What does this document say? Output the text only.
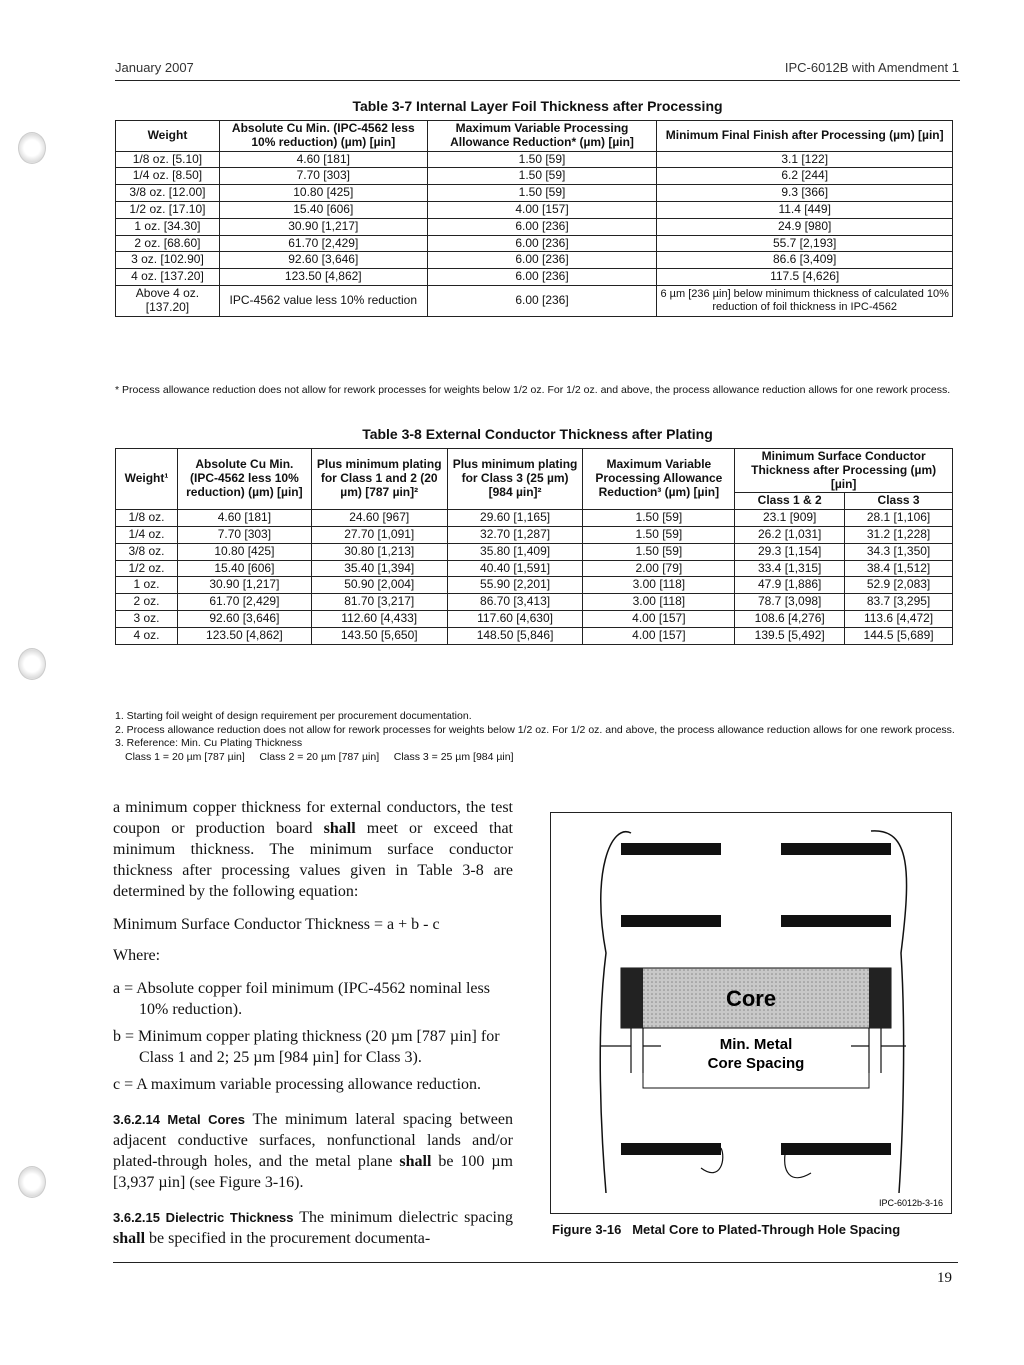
January 2007	IPC-6012B with Amendment 1
Table 3-7 Internal Layer Foil Thickness after Processing
Weight	Absolute Cu Min. (IPC-4562 less 10% reduction) (µm) [µin]	Maximum Variable Processing Allowance Reduction* (µm) [µin]	Minimum Final Finish after Processing (µm) [µin]
1/8 oz. [5.10]	4.60 [181]	1.50 [59]	3.1 [122]
1/4 oz. [8.50]	7.70 [303]	1.50 [59]	6.2 [244]
3/8 oz. [12.00]	10.80 [425]	1.50 [59]	9.3 [366]
1/2 oz. [17.10]	15.40 [606]	4.00 [157]	11.4 [449]
1 oz. [34.30]	30.90 [1,217]	6.00 [236]	24.9 [980]
2 oz. [68.60]	61.70 [2,429]	6.00 [236]	55.7 [2,193]
3 oz. [102.90]	92.60 [3,646]	6.00 [236]	86.6 [3,409]
4 oz. [137.20]	123.50 [4,862]	6.00 [236]	117.5 [4,626]
Above 4 oz. [137.20]	IPC-4562 value less 10% reduction	6.00 [236]	6 µm [236 µin] below minimum thickness of calculated 10% reduction of foil thickness in IPC-4562
* Process allowance reduction does not allow for rework processes for weights below 1/2 oz. For 1/2 oz. and above, the process allowance reduction allows for one rework process.
Table 3-8 External Conductor Thickness after Plating
Weight¹	Absolute Cu Min. (IPC-4562 less 10% reduction) (µm) [µin]	Plus minimum plating for Class 1 and 2 (20 µm) [787 µin]²	Plus minimum plating for Class 3 (25 µm) [984 µin]²	Maximum Variable Processing Allowance Reduction³ (µm) [µin]	Minimum Surface Conductor Thickness after Processing (µm) [µin]	
					Class 1 & 2	Class 3
1/8 oz.	4.60 [181]	24.60 [967]	29.60 [1,165]	1.50 [59]	23.1 [909]	28.1 [1,106]
1/4 oz.	7.70 [303]	27.70 [1,091]	32.70 [1,287]	1.50 [59]	26.2 [1,031]	31.2 [1,228]
3/8 oz.	10.80 [425]	30.80 [1,213]	35.80 [1,409]	1.50 [59]	29.3 [1,154]	34.3 [1,350]
1/2 oz.	15.40 [606]	35.40 [1,394]	40.40 [1,591]	2.00 [79]	33.4 [1,315]	38.4 [1,512]
1 oz.	30.90 [1,217]	50.90 [2,004]	55.90 [2,201]	3.00 [118]	47.9 [1,886]	52.9 [2,083]
2 oz.	61.70 [2,429]	81.70 [3,217]	86.70 [3,413]	3.00 [118]	78.7 [3,098]	83.7 [3,295]
3 oz.	92.60 [3,646]	112.60 [4,433]	117.60 [4,630]	4.00 [157]	108.6 [4,276]	113.6 [4,472]
4 oz.	123.50 [4,862]	143.50 [5,650]	148.50 [5,846]	4.00 [157]	139.5 [5,492]	144.5 [5,689]
1. Starting foil weight of design requirement per procurement documentation.
2. Process allowance reduction does not allow for rework processes for weights below 1/2 oz. For 1/2 oz. and above, the process allowance reduction allows for one rework process.
3. Reference: Min. Cu Plating Thickness
Class 1 = 20 µm [787 µin]     Class 2 = 20 µm [787 µin]     Class 3 = 25 µm [984 µin]
a minimum copper thickness for external conductors, the test coupon or production board shall meet or exceed that minimum thickness. The minimum surface conductor thickness after processing values given in Table 3-8 are determined by the following equation:
Minimum Surface Conductor Thickness = a + b - c
Where:
a = Absolute copper foil minimum (IPC-4562 nominal less 10% reduction).
b = Minimum copper plating thickness (20 µm [787 µin] for Class 1 and 2; 25 µm [984 µin] for Class 3).
c = A maximum variable processing allowance reduction.
3.6.2.14 Metal Cores The minimum lateral spacing between adjacent conductive surfaces, nonfunctional lands and/or plated-through holes, and the metal plane shall be 100 µm [3,937 µin] (see Figure 3-16).
3.6.2.15 Dielectric Thickness The minimum dielectric spacing shall be specified in the procurement documenta-
Core
Min. Metal
Core Spacing
IPC-6012b-3-16
Figure 3-16   Metal Core to Plated-Through Hole Spacing
19
